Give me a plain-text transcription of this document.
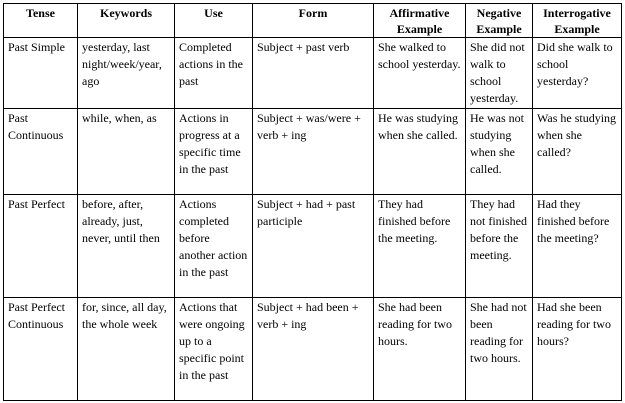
Tense	Keywords	Use	Form	Affirmative Example	Negative Example	Interrogative Example
Past Simple	yesterday, last night/week/year, ago	Completed actions in the past	Subject + past verb	She walked to school yesterday.	She did not walk to school yesterday.	Did she walk to school yesterday?
Past Continuous	while, when, as	Actions in progress at a specific time in the past	Subject + was/were + verb + ing	He was studying when she called.	He was not studying when she called.	Was he studying when she called?
Past Perfect	before, after, already, just, never, until then	Actions completed before another action in the past	Subject + had + past participle	They had finished before the meeting.	They had not finished before the meeting.	Had they finished before the meeting?
Past Perfect Continuous	for, since, all day, the whole week	Actions that were ongoing up to a specific point in the past	Subject + had been + verb + ing	She had been reading for two hours.	She had not been reading for two hours.	Had she been reading for two hours?
